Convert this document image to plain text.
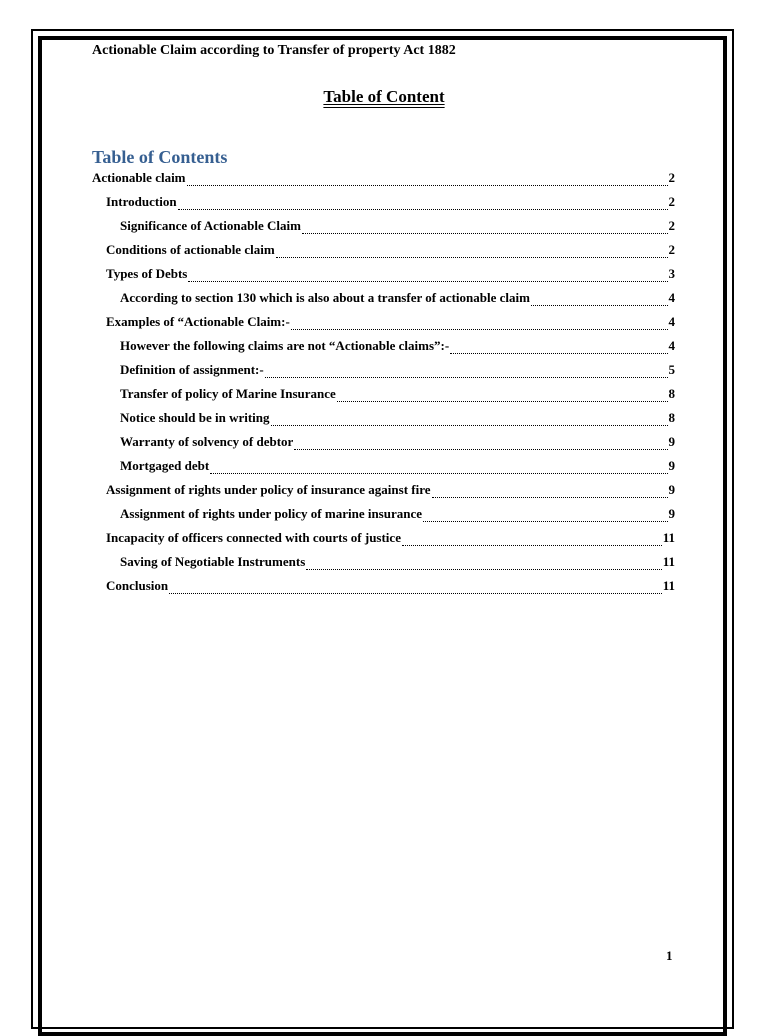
Actionable Claim according to Transfer of property Act 1882
Table of Content
Table of Contents
Actionable claim	2
Introduction	2
Significance of Actionable Claim	2
Conditions of actionable claim	2
Types of Debts	3
According to section 130 which is also about a transfer of actionable claim	4
Examples of “Actionable Claim:-	4
However the following claims are not “Actionable claims”:-	4
Definition of assignment:-	5
Transfer of policy of Marine Insurance	8
Notice should be in writing	8
Warranty of solvency of debtor	9
Mortgaged debt	9
Assignment of rights under policy of insurance against fire	9
Assignment of rights under policy of marine insurance	9
Incapacity of officers connected with courts of justice	11
Saving of Negotiable Instruments	11
Conclusion	11
1
